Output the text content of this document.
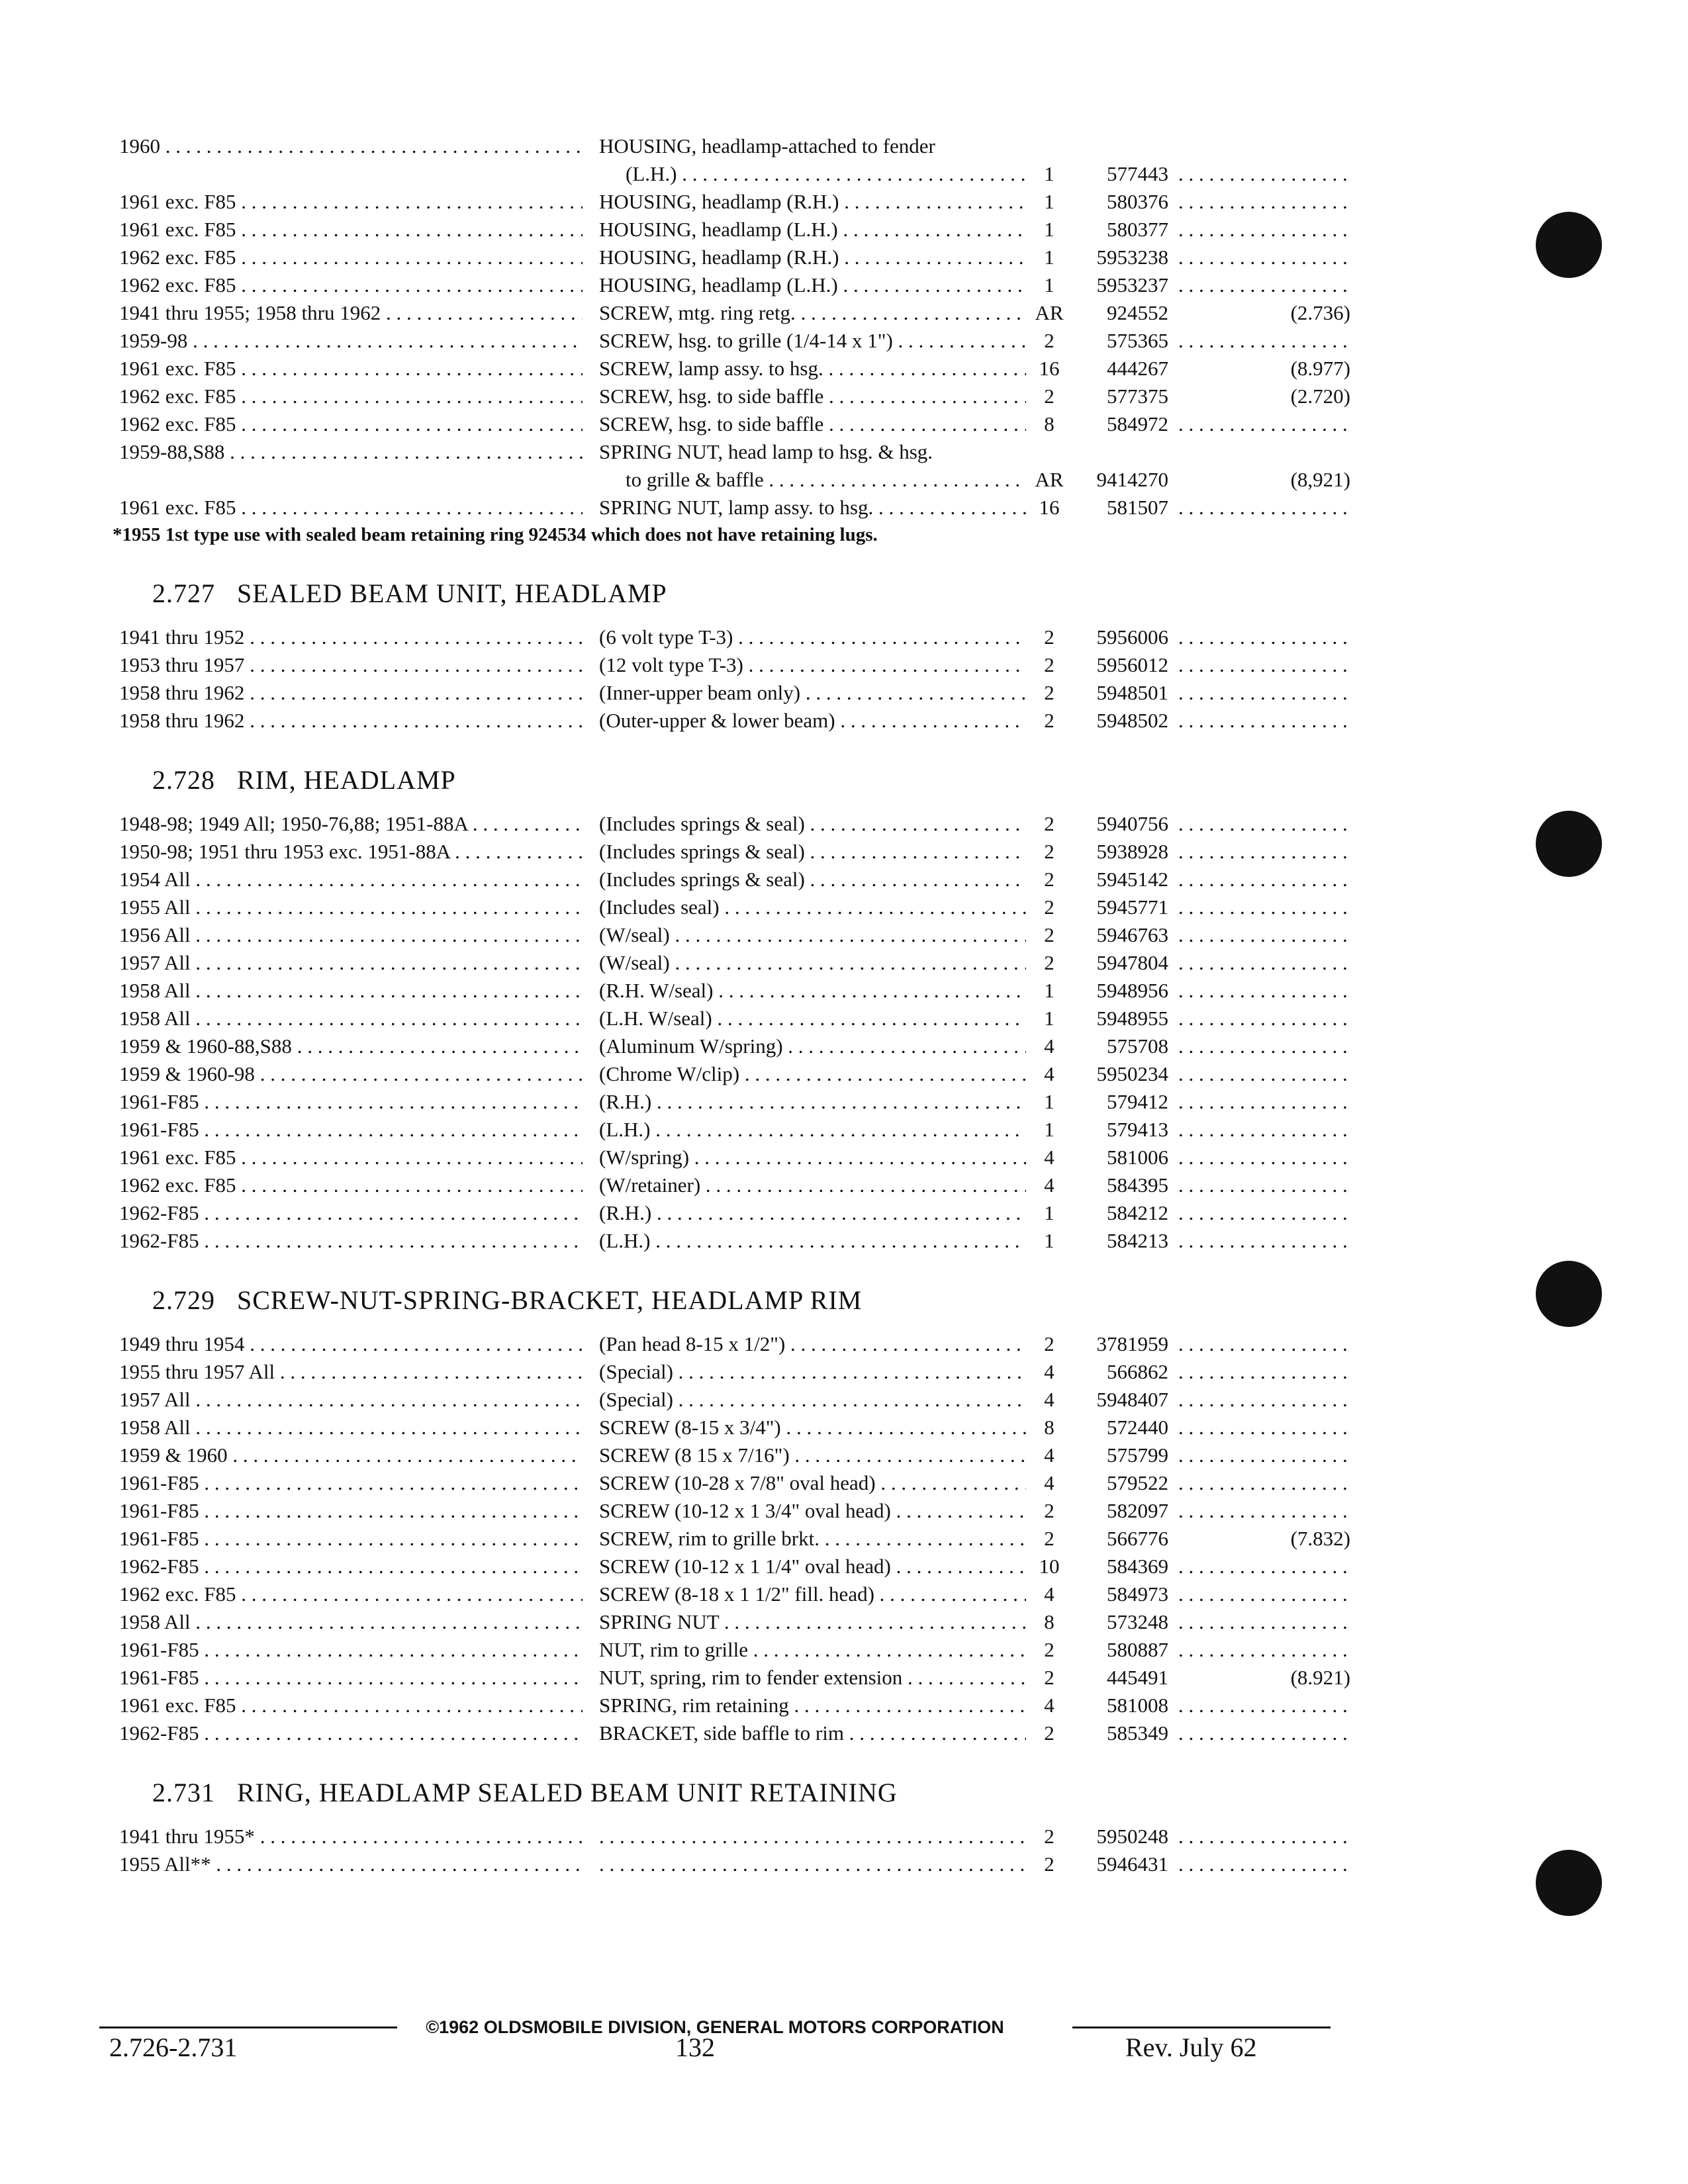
1960 . . .	HOUSING, headlamp-attached to fender
(L.H.) . . .	1	577443
. . .
1961 exc. F85 . . .	HOUSING, headlamp (R.H.) . . .	1	580376
. . .
1961 exc. F85 . . .	HOUSING, headlamp (L.H.) . . .	1	580377
. . .
1962 exc. F85 . . .	HOUSING, headlamp (R.H.) . . .	1	5953238
. . .
1962 exc. F85 . . .	HOUSING, headlamp (L.H.) . . .	1	5953237
. . .
1941 thru 1955; 1958 thru 1962 . . .	SCREW, mtg. ring retg. . . .	AR	924552	(2.736)
1959-98 . . .	SCREW, hsg. to grille (1/4-14 x 1") . . .	2	575365
. . .
1961 exc. F85 . . .	SCREW, lamp assy. to hsg. . . .	16	444267	(8.977)
1962 exc. F85 . . .	SCREW, hsg. to side baffle . . .	2	577375	(2.720)
1962 exc. F85 . . .	SCREW, hsg. to side baffle . . .	8	584972
. . .
1959-88,S88 . . .	SPRING NUT, head lamp to hsg. & hsg.
to grille & baffle . . .	AR	9414270	(8,921)
1961 exc. F85 . . .	SPRING NUT, lamp assy. to hsg. . . .	16	581507
. . .
*1955 1st type use with sealed beam retaining ring 924534 which does not have retaining lugs.
2.727   SEALED BEAM UNIT, HEADLAMP
1941 thru 1952 . . .	(6 volt type T-3) . . .	2	5956006
. . .
1953 thru 1957 . . .	(12 volt type T-3) . . .	2	5956012
. . .
1958 thru 1962 . . .	(Inner-upper beam only) . . .	2	5948501
. . .
1958 thru 1962 . . .	(Outer-upper & lower beam) . . .	2	5948502
. . .
2.728   RIM, HEADLAMP
1948-98; 1949 All; 1950-76,88; 1951-88A . . .	(Includes springs & seal) . . .	2	5940756
. . .
1950-98; 1951 thru 1953 exc. 1951-88A . . .	(Includes springs & seal) . . .	2	5938928
. . .
1954 All . . .	(Includes springs & seal) . . .	2	5945142
. . .
1955 All . . .	(Includes seal) . . .	2	5945771
. . .
1956 All . . .	(W/seal) . . .	2	5946763
. . .
1957 All . . .	(W/seal) . . .	2	5947804
. . .
1958 All . . .	(R.H. W/seal) . . .	1	5948956
. . .
1958 All . . .	(L.H. W/seal) . . .	1	5948955
. . .
1959 & 1960-88,S88 . . .	(Aluminum W/spring) . . .	4	575708
. . .
1959 & 1960-98 . . .	(Chrome W/clip) . . .	4	5950234
. . .
1961-F85 . . .	(R.H.) . . .	1	579412
. . .
1961-F85 . . .	(L.H.) . . .	1	579413
. . .
1961 exc. F85 . . .	(W/spring) . . .	4	581006
. . .
1962 exc. F85 . . .	(W/retainer) . . .	4	584395
. . .
1962-F85 . . .	(R.H.) . . .	1	584212
. . .
1962-F85 . . .	(L.H.) . . .	1	584213
. . .
2.729   SCREW-NUT-SPRING-BRACKET, HEADLAMP RIM
1949 thru 1954 . . .	(Pan head 8-15 x 1/2") . . .	2	3781959
. . .
1955 thru 1957 All . . .	(Special) . . .	4	566862
. . .
1957 All . . .	(Special) . . .	4	5948407
. . .
1958 All . . .	SCREW (8-15 x 3/4") . . .	8	572440
. . .
1959 & 1960 . . .	SCREW (8 15 x 7/16") . . .	4	575799
. . .
1961-F85 . . .	SCREW (10-28 x 7/8" oval head) . . .	4	579522
. . .
1961-F85 . . .	SCREW (10-12 x 1 3/4" oval head) . . .	2	582097
. . .
1961-F85 . . .	SCREW, rim to grille brkt. . . .	2	566776	(7.832)
1962-F85 . . .	SCREW (10-12 x 1 1/4" oval head) . . .	10	584369
. . .
1962 exc. F85 . . .	SCREW (8-18 x 1 1/2" fill. head) . . .	4	584973
. . .
1958 All . . .	SPRING NUT . . .	8	573248
. . .
1961-F85 . . .	NUT, rim to grille . . .	2	580887
. . .
1961-F85 . . .	NUT, spring, rim to fender extension . . .	2	445491	(8.921)
1961 exc. F85 . . .	SPRING, rim retaining . . .	4	581008
. . .
1962-F85 . . .	BRACKET, side baffle to rim . . .	2	585349
. . .
2.731   RING, HEADLAMP SEALED BEAM UNIT RETAINING
1941 thru 1955* . . . . . .	2	5950248
. . .
1955 All** . . . . . .	2	5946431
. . .
©1962 OLDSMOBILE DIVISION, GENERAL MOTORS CORPORATION
2.726-2.731	132	Rev. July 62
